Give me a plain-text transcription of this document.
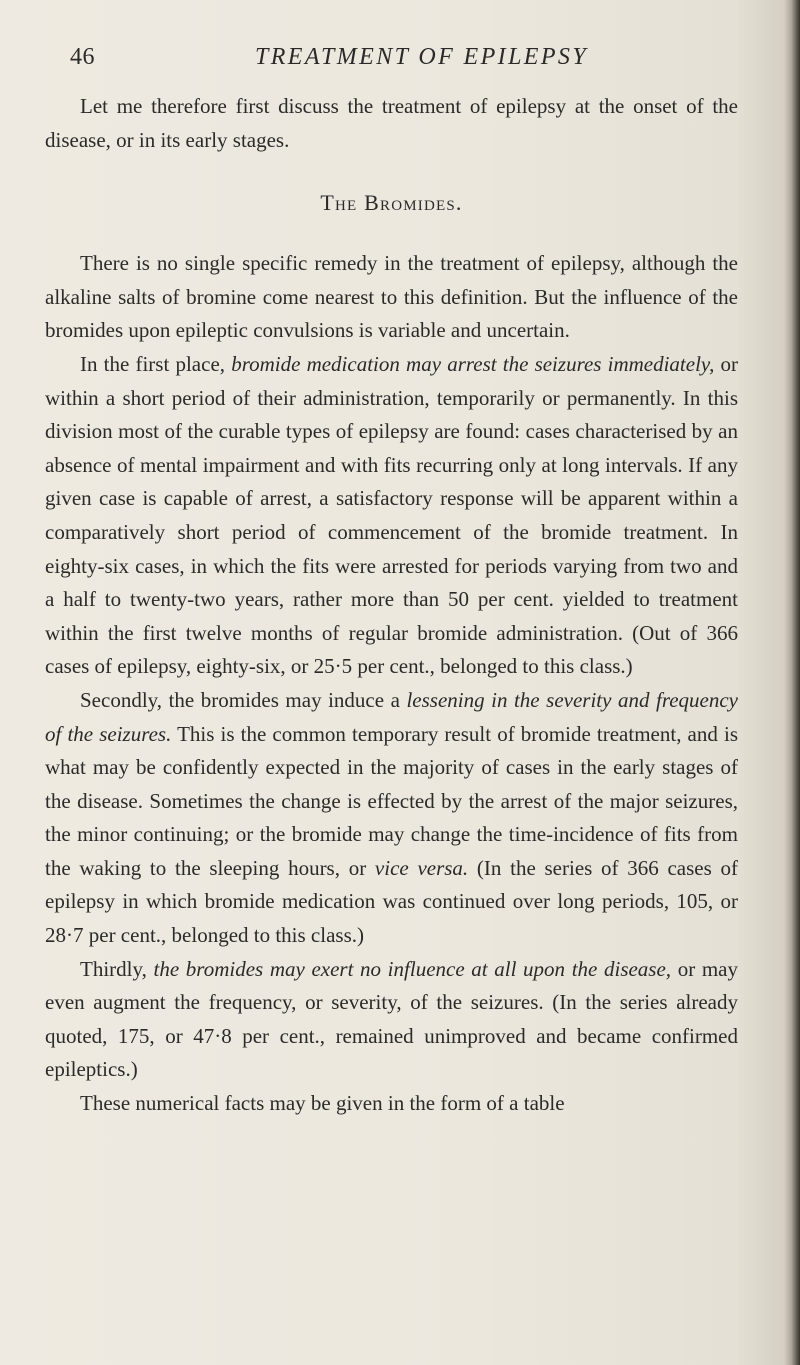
46	TREATMENT OF EPILEPSY

Let me therefore first discuss the treatment of epilepsy at the onset of the disease, or in its early stages.

The Bromides.

There is no single specific remedy in the treatment of epilepsy, although the alkaline salts of bromine come nearest to this definition. But the influence of the bromides upon epileptic convulsions is variable and uncertain.

In the first place, bromide medication may arrest the seizures immediately, or within a short period of their administration, temporarily or permanently. In this division most of the curable types of epilepsy are found: cases characterised by an absence of mental impairment and with fits recurring only at long intervals. If any given case is capable of arrest, a satisfactory response will be apparent within a comparatively short period of commencement of the bromide treatment. In eighty-six cases, in which the fits were arrested for periods varying from two and a half to twenty-two years, rather more than 50 per cent. yielded to treatment within the first twelve months of regular bromide administration. (Out of 366 cases of epilepsy, eighty-six, or 25·5 per cent., belonged to this class.)

Secondly, the bromides may induce a lessening in the severity and frequency of the seizures. This is the common temporary result of bromide treatment, and is what may be confidently expected in the majority of cases in the early stages of the disease. Sometimes the change is effected by the arrest of the major seizures, the minor continuing; or the bromide may change the time-incidence of fits from the waking to the sleeping hours, or vice versa. (In the series of 366 cases of epilepsy in which bromide medication was continued over long periods, 105, or 28·7 per cent., belonged to this class.)

Thirdly, the bromides may exert no influence at all upon the disease, or may even augment the frequency, or severity, of the seizures. (In the series already quoted, 175, or 47·8 per cent., remained unimproved and became confirmed epileptics.)

These numerical facts may be given in the form of a table
